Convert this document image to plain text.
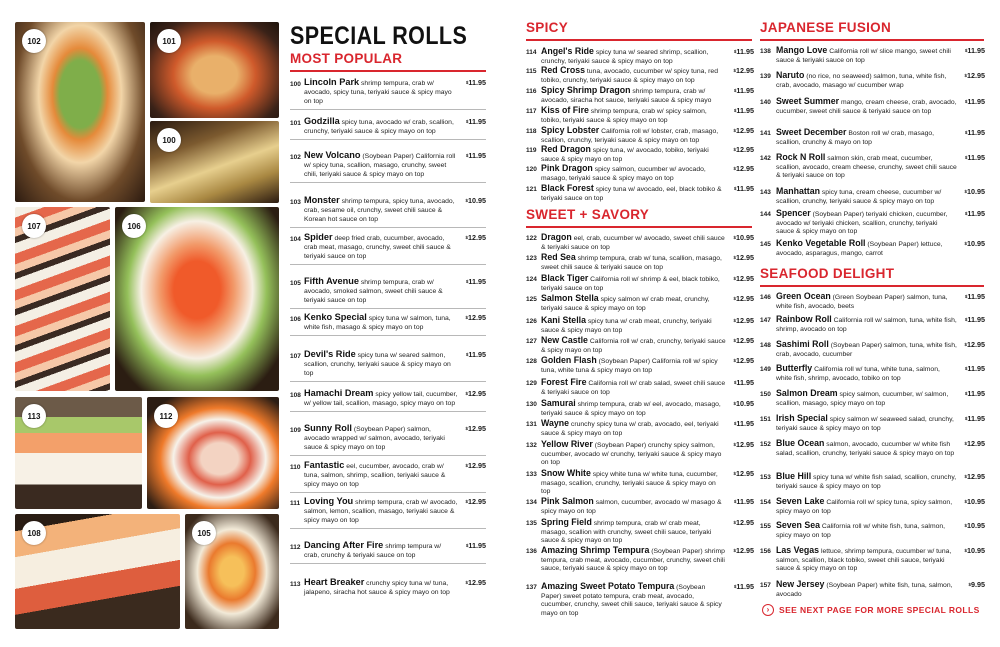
102	101
100
107	106
113	112
108	105
SPECIAL ROLLS
MOST POPULAR
SPICY
SWEET + SAVORY
JAPANESE FUSION
SEAFOOD DELIGHT
100 Lincoln Park shrimp tempura, crab w/ avocado, spicy tuna, teriyaki sauce & spicy mayo on top
$11.95
101 Godzilla spicy tuna, avocado w/ crab, scallion, crunchy, teriyaki sauce & spicy mayo on top
$11.95
102 New Volcano (Soybean Paper) California roll w/ spicy tuna, scallion, masago, crunchy, sweet chili, teriyaki sauce & spicy mayo on top
$11.95
103 Monster shrimp tempura, spicy tuna, avocado, crab, sesame oil, crunchy, sweet chili sauce & Korean hot sauce on top
$10.95
104 Spider deep fried crab, cucumber, avocado, crab meat, masago, crunchy, sweet chili sauce & teriyaki sauce on top
$12.95
105 Fifth Avenue shrimp tempura, crab w/ avocado, smoked salmon, sweet chili sauce & teriyaki sauce on top
$11.95
106 Kenko Special spicy tuna w/ salmon, tuna, white fish, masago & spicy mayo on top
$12.95
107 Devil's Ride spicy tuna w/ seared salmon, scallion, crunchy, teriyaki sauce & spicy mayo on top
$11.95
108 Hamachi Dream spicy yellow tail, cucumber, w/ yellow tail, scallion, masago, spicy mayo on top
$12.95
109 Sunny Roll (Soybean Paper) salmon, avocado wrapped w/ salmon, avocado, teriyaki sauce & spicy mayo on top
$12.95
110 Fantastic eel, cucumber, avocado, crab w/ tuna, salmon, shrimp, scallion, teriyaki sauce & spicy mayo on top
$12.95
111 Loving You shrimp tempura, crab w/ avocado, salmon, lemon, scallion, masago, teriyaki sauce & spicy mayo on top
$12.95
112 Dancing After Fire shrimp tempura w/ crab, crunchy & teriyaki sauce on top
$11.95
113 Heart Breaker crunchy spicy tuna w/ tuna, jalapeno, siracha hot sauce & spicy mayo on top
$12.95
114 Angel's Ride spicy tuna w/ seared shrimp, scallion, crunchy, teriyaki sauce & spicy mayo on top
$11.95
115 Red Cross tuna, avocado, cucumber w/ spicy tuna, red tobiko, crunchy, teriyaki sauce & spicy mayo on top
$12.95
116 Spicy Shrimp Dragon shrimp tempura, crab w/ avocado, siracha hot sauce, teriyaki sauce & spicy mayo
$11.95
117 Kiss of Fire shrimp tempura, crab w/ spicy salmon, tobiko, teriyaki sauce & spicy mayo on top
$11.95
118 Spicy Lobster California roll w/ lobster, crab, masago, scallion, crunchy, teriyaki sauce & spicy mayo on top
$12.95
119 Red Dragon spicy tuna, w/ avocado, tobiko, teriyaki sauce & spicy mayo on top
$12.95
120 Pink Dragon spicy salmon, cucumber w/ avocado, masago, teriyaki sauce & spicy mayo on top
$12.95
121 Black Forest spicy tuna w/ avocado, eel, black tobiko & teriyaki sauce on top
$11.95
122 Dragon eel, crab, cucumber w/ avocado, sweet chili sauce & teriyaki sauce on top
$10.95
123 Red Sea shrimp tempura, crab w/ tuna, scallion, masago, sweet chili sauce & teriyaki sauce on top
$12.95
124 Black Tiger California roll w/ shrimp & eel, black tobiko, teriyaki sauce on top
$12.95
125 Salmon Stella spicy salmon w/ crab meat, crunchy, teriyaki sauce & spicy mayo on top
$12.95
126 Kani Stella spicy tuna w/ crab meat, crunchy, teriyaki sauce & spicy mayo on top
$12.95
127 New Castle California roll w/ crab, crunchy, teriyaki sauce & spicy mayo on top
$12.95
128 Golden Flash (Soybean Paper) California roll w/ spicy tuna, white tuna & spicy mayo on top
$12.95
129 Forest Fire California roll w/ crab salad, sweet chili sauce & teriyaki sauce on top
$11.95
130 Samurai shrimp tempura, crab w/ eel, avocado, masago, teriyaki sauce & spicy mayo on top
$10.95
131 Wayne crunchy spicy tuna w/ crab, avocado, eel, teriyaki sauce & spicy mayo on top
$11.95
132 Yellow River (Soybean Paper) crunchy spicy salmon, cucumber, avocado w/ crunchy, teriyaki sauce & spicy mayo on top
$12.95
133 Snow White spicy white tuna w/ white tuna, cucumber, masago, scallion, crunchy, teriyaki sauce & spicy mayo on top
$12.95
134 Pink Salmon salmon, cucumber, avocado w/ masago & spicy mayo on top
$11.95
135 Spring Field shrimp tempura, crab w/ crab meat, masago, scallion with crunchy, sweet chili sauce, teriyaki sauce & spicy mayo on top
$12.95
136 Amazing Shrimp Tempura (Soybean Paper) shrimp tempura, crab meat, avocado, cucumber, crunchy, sweet chili sauce, teriyaki sauce & spicy mayo on top
$12.95
137 Amazing Sweet Potato Tempura (Soybean Paper) sweet potato tempura, crab meat, avocado, cucumber, crunchy, sweet chili sauce, teriyaki sauce & spicy mayo on top
$11.95
138 Mango Love California roll w/ slice mango, sweet chili sauce & teriyaki sauce on top
$11.95
139 Naruto (no rice, no seaweed) salmon, tuna, white fish, crab, avocado, masago w/ cucumber wrap
$12.95
140 Sweet Summer mango, cream cheese, crab, avocado, cucumber, sweet chili sauce & teriyaki sauce on top
$11.95
141 Sweet December Boston roll w/ crab, masago, scallion, crunchy & mayo on top
$11.95
142 Rock N Roll salmon skin, crab meat, cucumber, scallion, avocado, cream cheese, crunchy, sweet chili sauce & teriyaki sauce on top
$11.95
143 Manhattan spicy tuna, cream cheese, cucumber w/ scallion, crunchy, teriyaki sauce & spicy mayo on top
$10.95
144 Spencer (Soybean Paper) teriyaki chicken, cucumber, avocado w/ teriyaki chicken, scallion, crunchy, teriyaki sauce & spicy mayo on top
$11.95
145 Kenko Vegetable Roll (Soybean Paper) lettuce, avocado, asparagus, mango, carrot
$10.95
146 Green Ocean (Green Soybean Paper) salmon, tuna, white fish, avocado, beets
$11.95
147 Rainbow Roll California roll w/ salmon, tuna, white fish, shrimp, avocado on top
$11.95
148 Sashimi Roll (Soybean Paper) salmon, tuna, white fish, crab, avocado, cucumber
$12.95
149 Butterfly California roll w/ tuna, white tuna, salmon, white fish, shrimp, avocado, tobiko on top
$11.95
150 Salmon Dream spicy salmon, cucumber, w/ salmon, scallion, masago, spicy mayo on top
$11.95
151 Irish Special spicy salmon w/ seaweed salad, crunchy, teriyaki sauce & spicy mayo on top
$11.95
152 Blue Ocean salmon, avocado, cucumber w/ white fish salad, scallion, crunchy, teriyaki sauce & spicy mayo on top
$12.95
153 Blue Hill spicy tuna w/ white fish salad, scallion, crunchy, teriyaki sauce & spicy mayo on top
$12.95
154 Seven Lake California roll w/ spicy tuna, spicy salmon, spicy mayo on top
$10.95
155 Seven Sea California roll w/ white fish, tuna, salmon, spicy mayo on top
$10.95
156 Las Vegas lettuce, shrimp tempura, cucumber w/ tuna, salmon, scallion, black tobiko, sweet chili sauce, teriyaki sauce & spicy mayo on top
$10.95
157 New Jersey (Soybean Paper) white fish, tuna, salmon, avocado
$9.95
›	SEE NEXT PAGE FOR MORE SPECIAL ROLLS
